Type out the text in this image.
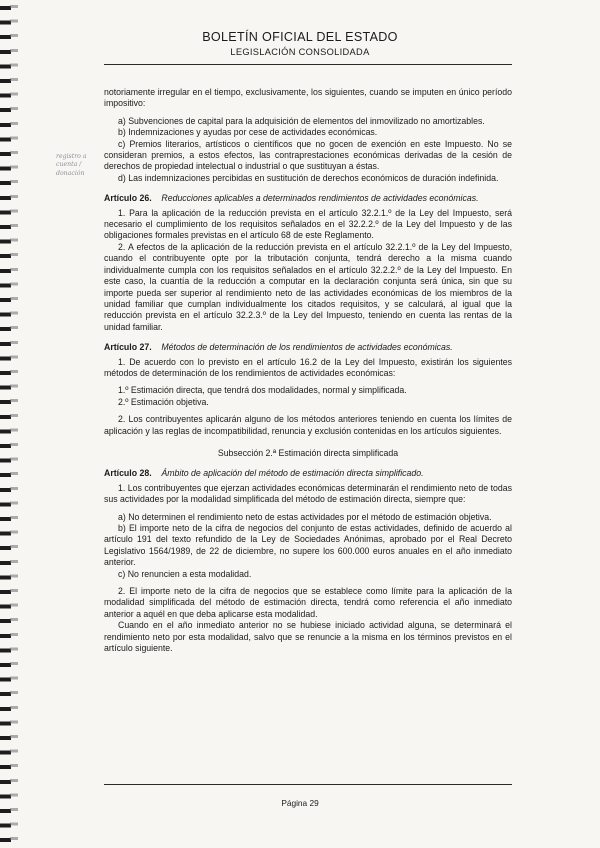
BOLETÍN OFICIAL DEL ESTADO
LEGISLACIÓN CONSOLIDADA
registro a
cuenta /
donación

notoriamente irregular en el tiempo, exclusivamente, los siguientes, cuando se imputen en único período impositivo:

a) Subvenciones de capital para la adquisición de elementos del inmovilizado no amortizables.

b) Indemnizaciones y ayudas por cese de actividades económicas.

c) Premios literarios, artísticos o científicos que no gocen de exención en este Impuesto. No se consideran premios, a estos efectos, las contraprestaciones económicas derivadas de la cesión de derechos de propiedad intelectual o industrial o que sustituyan a éstas.

d) Las indemnizaciones percibidas en sustitución de derechos económicos de duración indefinida.

Artículo 26. Reducciones aplicables a determinados rendimientos de actividades económicas.

1. Para la aplicación de la reducción prevista en el artículo 32.2.1.º de la Ley del Impuesto, será necesario el cumplimiento de los requisitos señalados en el 32.2.2.º de la Ley del Impuesto y de las obligaciones formales previstas en el artículo 68 de este Reglamento.

2. A efectos de la aplicación de la reducción prevista en el artículo 32.2.1.º de la Ley del Impuesto, cuando el contribuyente opte por la tributación conjunta, tendrá derecho a la misma cuando individualmente cumpla con los requisitos señalados en el artículo 32.2.2.º de la Ley del Impuesto. En este caso, la cuantía de la reducción a computar en la declaración conjunta será única, sin que su importe pueda ser superior al rendimiento neto de las actividades económicas de los miembros de la unidad familiar que cumplan individualmente los citados requisitos, y se calculará, al igual que la reducción prevista en el artículo 32.2.3.º de la Ley del Impuesto, teniendo en cuenta las rentas de la unidad familiar.

Artículo 27. Métodos de determinación de los rendimientos de actividades económicas.

1. De acuerdo con lo previsto en el artículo 16.2 de la Ley del Impuesto, existirán los siguientes métodos de determinación de los rendimientos de actividades económicas:

1.º Estimación directa, que tendrá dos modalidades, normal y simplificada.

2.º Estimación objetiva.

2. Los contribuyentes aplicarán alguno de los métodos anteriores teniendo en cuenta los límites de aplicación y las reglas de incompatibilidad, renuncia y exclusión contenidas en los artículos siguientes.

Subsección 2.ª Estimación directa simplificada

Artículo 28. Ámbito de aplicación del método de estimación directa simplificado.

1. Los contribuyentes que ejerzan actividades económicas determinarán el rendimiento neto de todas sus actividades por la modalidad simplificada del método de estimación directa, siempre que:

a) No determinen el rendimiento neto de estas actividades por el método de estimación objetiva.

b) El importe neto de la cifra de negocios del conjunto de estas actividades, definido de acuerdo al artículo 191 del texto refundido de la Ley de Sociedades Anónimas, aprobado por el Real Decreto Legislativo 1564/1989, de 22 de diciembre, no supere los 600.000 euros anuales en el año inmediato anterior.

c) No renuncien a esta modalidad.

2. El importe neto de la cifra de negocios que se establece como límite para la aplicación de la modalidad simplificada del método de estimación directa, tendrá como referencia el año inmediato anterior a aquél en que deba aplicarse esta modalidad.

Cuando en el año inmediato anterior no se hubiese iniciado actividad alguna, se determinará el rendimiento neto por esta modalidad, salvo que se renuncie a la misma en los términos previstos en el artículo siguiente.

Página 29
